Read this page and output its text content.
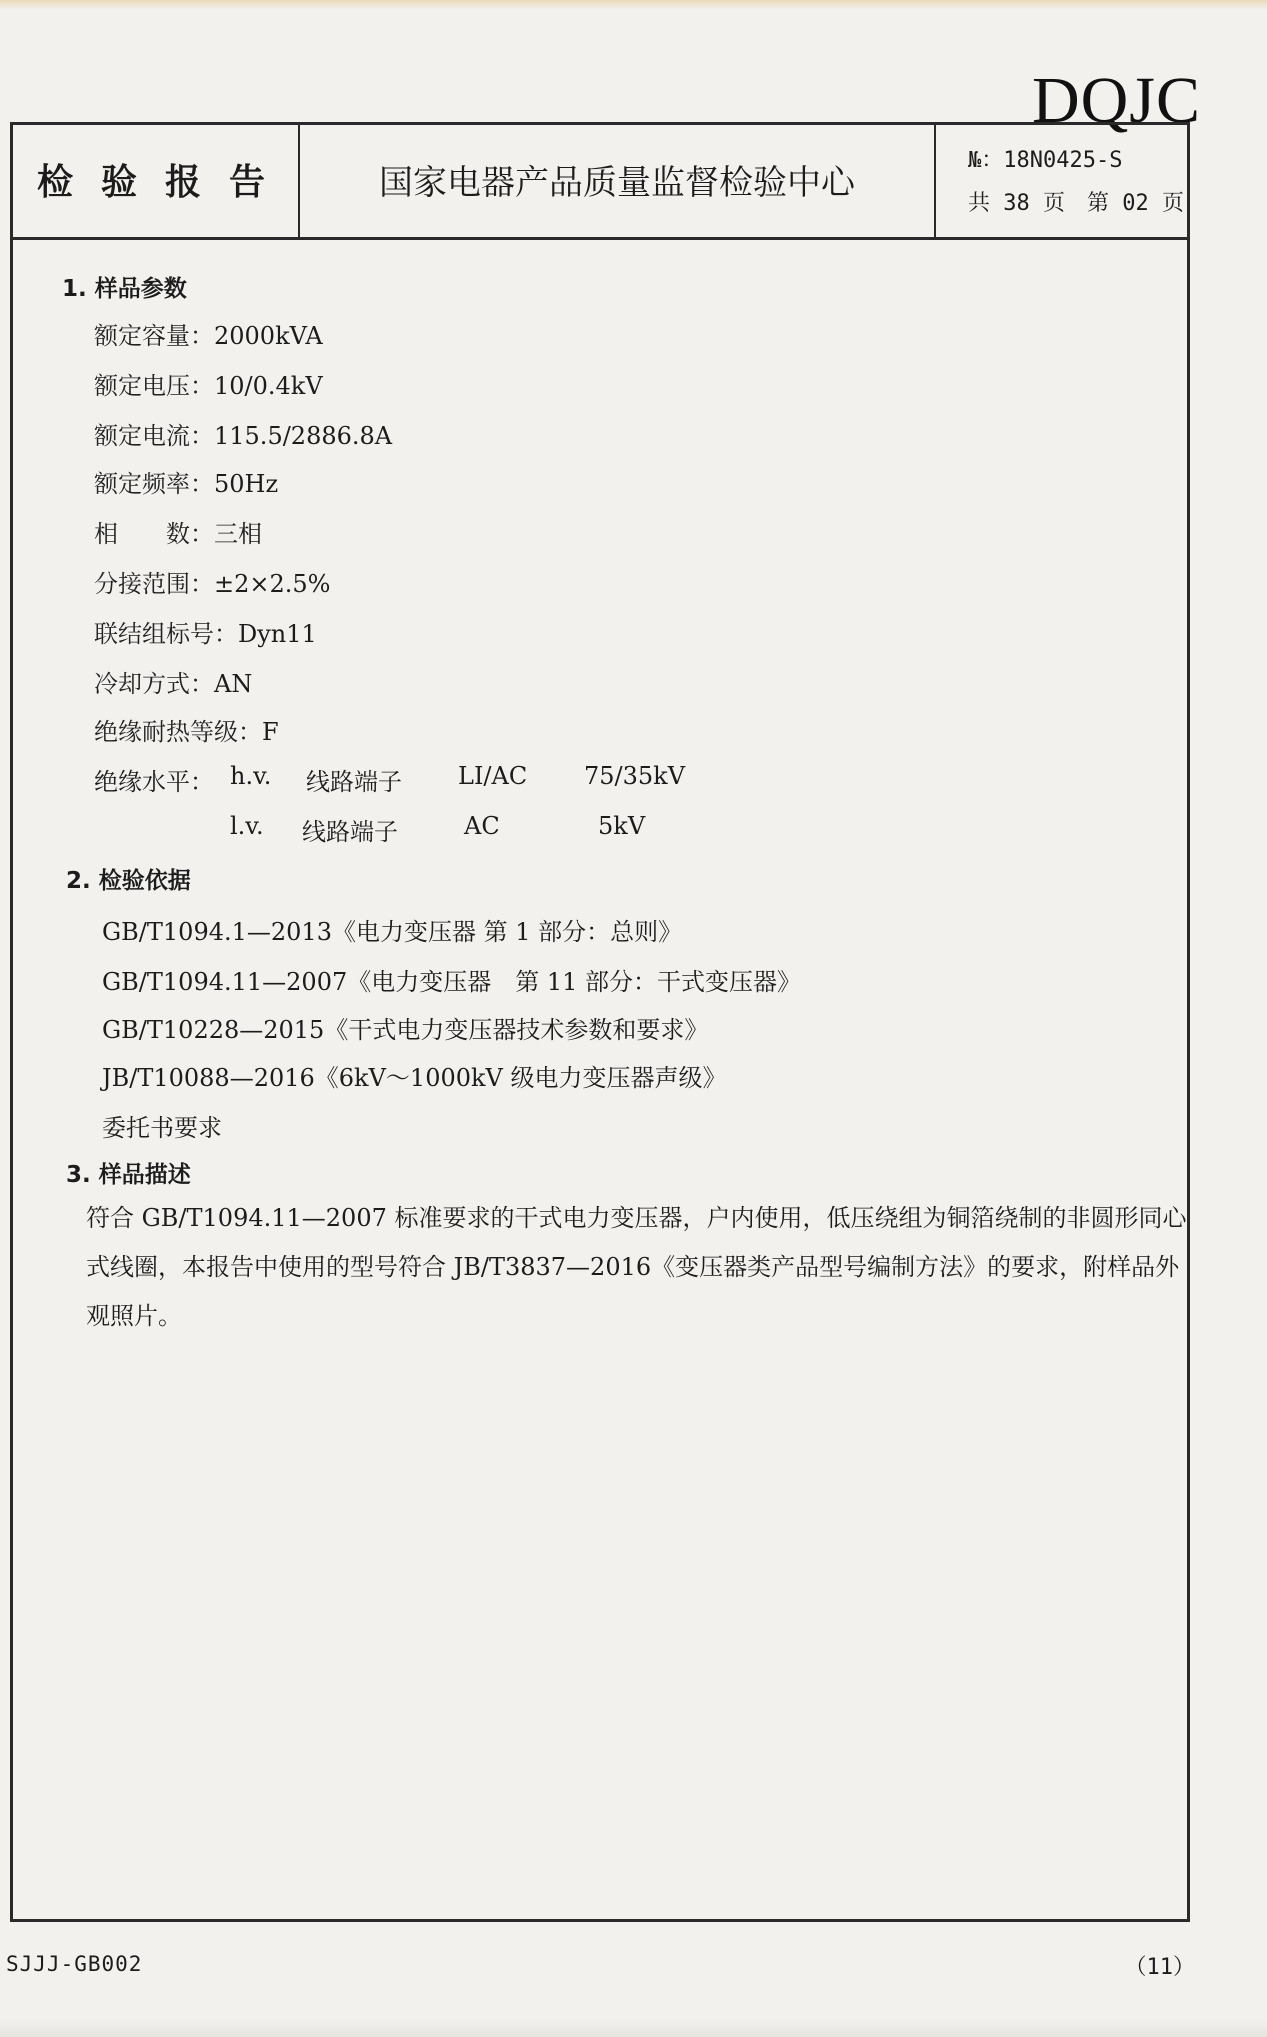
DQJC
检验报告	国家电器产品质量监督检验中心
№：18N0425-S
共 38 页　第 02 页
1. 样品参数
额定容量：2000kVA
额定电压：10/0.4kV
额定电流：115.5/2886.8A
额定频率：50Hz
相　　数：三相
分接范围：±2×2.5%
联结组标号：Dyn11
冷却方式：AN
绝缘耐热等级：F
绝缘水平： h.v. 线路端子 LI/AC 75/35kV
l.v. 线路端子	AC	5kV
2. 检验依据
GB/T1094.1—2013《电力变压器 第 1 部分：总则》
GB/T1094.11—2007《电力变压器　第 11 部分：干式变压器》
GB/T10228—2015《干式电力变压器技术参数和要求》
JB/T10088—2016《6kV～1000kV 级电力变压器声级》
委托书要求
3. 样品描述

符合 GB/T1094.11—2007 标准要求的干式电力变压器，户内使用，低压绕组为铜箔绕制的非圆形同心式线圈，本报告中使用的型号符合 JB/T3837—2016《变压器类产品型号编制方法》的要求，附样品外观照片。

SJJJ-GB002	（11）
